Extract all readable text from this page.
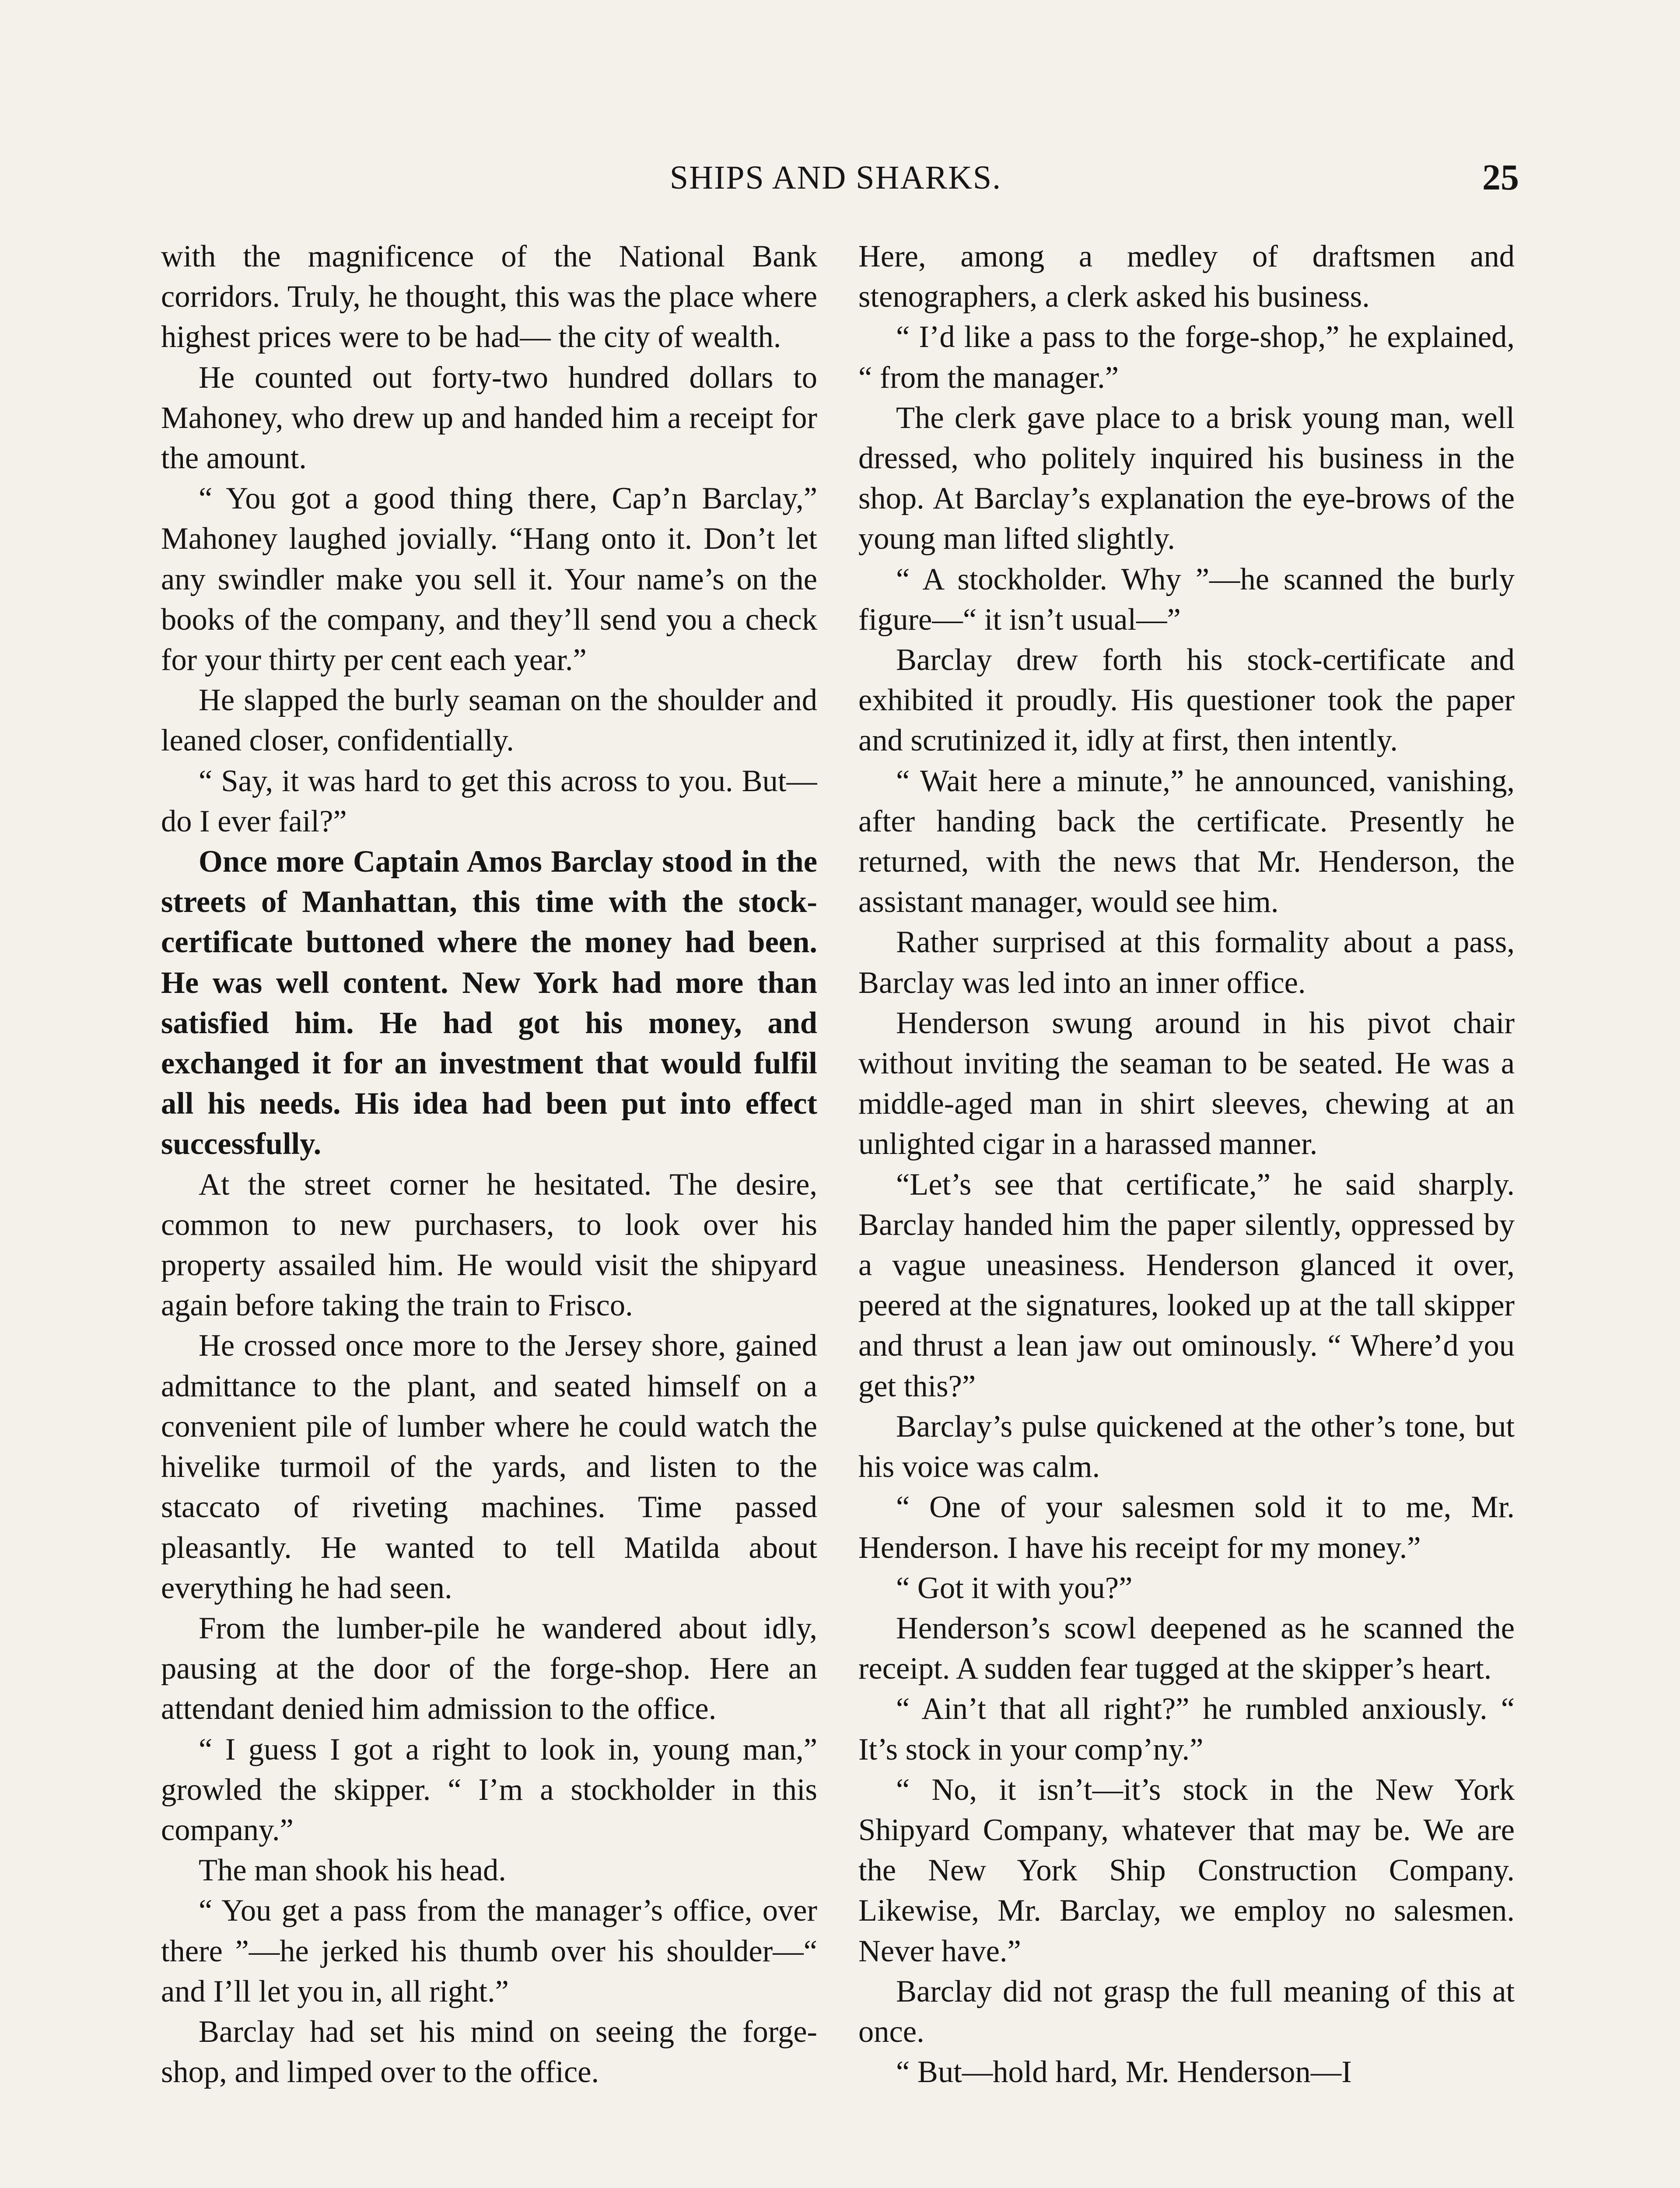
SHIPS AND SHARKS.	25

with the magnificence of the National Bank corridors. Truly, he thought, this was the place where highest prices were to be had— the city of wealth.

He counted out forty-two hundred dollars to Mahoney, who drew up and handed him a receipt for the amount.

“ You got a good thing there, Cap’n Barclay,” Mahoney laughed jovially. “Hang onto it. Don’t let any swindler make you sell it. Your name’s on the books of the company, and they’ll send you a check for your thirty per cent each year.”

He slapped the burly seaman on the shoulder and leaned closer, confidentially.

“ Say, it was hard to get this across to you. But—do I ever fail?”

Once more Captain Amos Barclay stood in the streets of Manhattan, this time with the stock-certificate buttoned where the money had been. He was well content. New York had more than satisfied him. He had got his money, and exchanged it for an investment that would fulfil all his needs. His idea had been put into effect successfully.

At the street corner he hesitated. The desire, common to new purchasers, to look over his property assailed him. He would visit the shipyard again before taking the train to Frisco.

He crossed once more to the Jersey shore, gained admittance to the plant, and seated himself on a convenient pile of lumber where he could watch the hivelike turmoil of the yards, and listen to the staccato of riveting machines. Time passed pleasantly. He wanted to tell Matilda about everything he had seen.

From the lumber-pile he wandered about idly, pausing at the door of the forge-shop. Here an attendant denied him admission to the office.

“ I guess I got a right to look in, young man,” growled the skipper. “ I’m a stockholder in this company.”

The man shook his head.

“ You get a pass from the manager’s office, over there ”—he jerked his thumb over his shoulder—“ and I’ll let you in, all right.”

Barclay had set his mind on seeing the forge-shop, and limped over to the office.

Here, among a medley of draftsmen and stenographers, a clerk asked his business.

“ I’d like a pass to the forge-shop,” he explained, “ from the manager.”

The clerk gave place to a brisk young man, well dressed, who politely inquired his business in the shop. At Barclay’s explanation the eye-brows of the young man lifted slightly.

“ A stockholder. Why ”—he scanned the burly figure—“ it isn’t usual—”

Barclay drew forth his stock-certificate and exhibited it proudly. His questioner took the paper and scrutinized it, idly at first, then intently.

“ Wait here a minute,” he announced, vanishing, after handing back the certificate. Presently he returned, with the news that Mr. Henderson, the assistant manager, would see him.

Rather surprised at this formality about a pass, Barclay was led into an inner office.

Henderson swung around in his pivot chair without inviting the seaman to be seated. He was a middle-aged man in shirt sleeves, chewing at an unlighted cigar in a harassed manner.

“Let’s see that certificate,” he said sharply. Barclay handed him the paper silently, oppressed by a vague uneasiness. Henderson glanced it over, peered at the signatures, looked up at the tall skipper and thrust a lean jaw out ominously. “ Where’d you get this?”

Barclay’s pulse quickened at the other’s tone, but his voice was calm.

“ One of your salesmen sold it to me, Mr. Henderson. I have his receipt for my money.”

“ Got it with you?”

Henderson’s scowl deepened as he scanned the receipt. A sudden fear tugged at the skipper’s heart.

“ Ain’t that all right?” he rumbled anxiously. “ It’s stock in your comp’ny.”

“ No, it isn’t—it’s stock in the New York Shipyard Company, whatever that may be. We are the New York Ship Construction Company. Likewise, Mr. Barclay, we employ no salesmen. Never have.”

Barclay did not grasp the full meaning of this at once.

“ But—hold hard, Mr. Henderson—I
